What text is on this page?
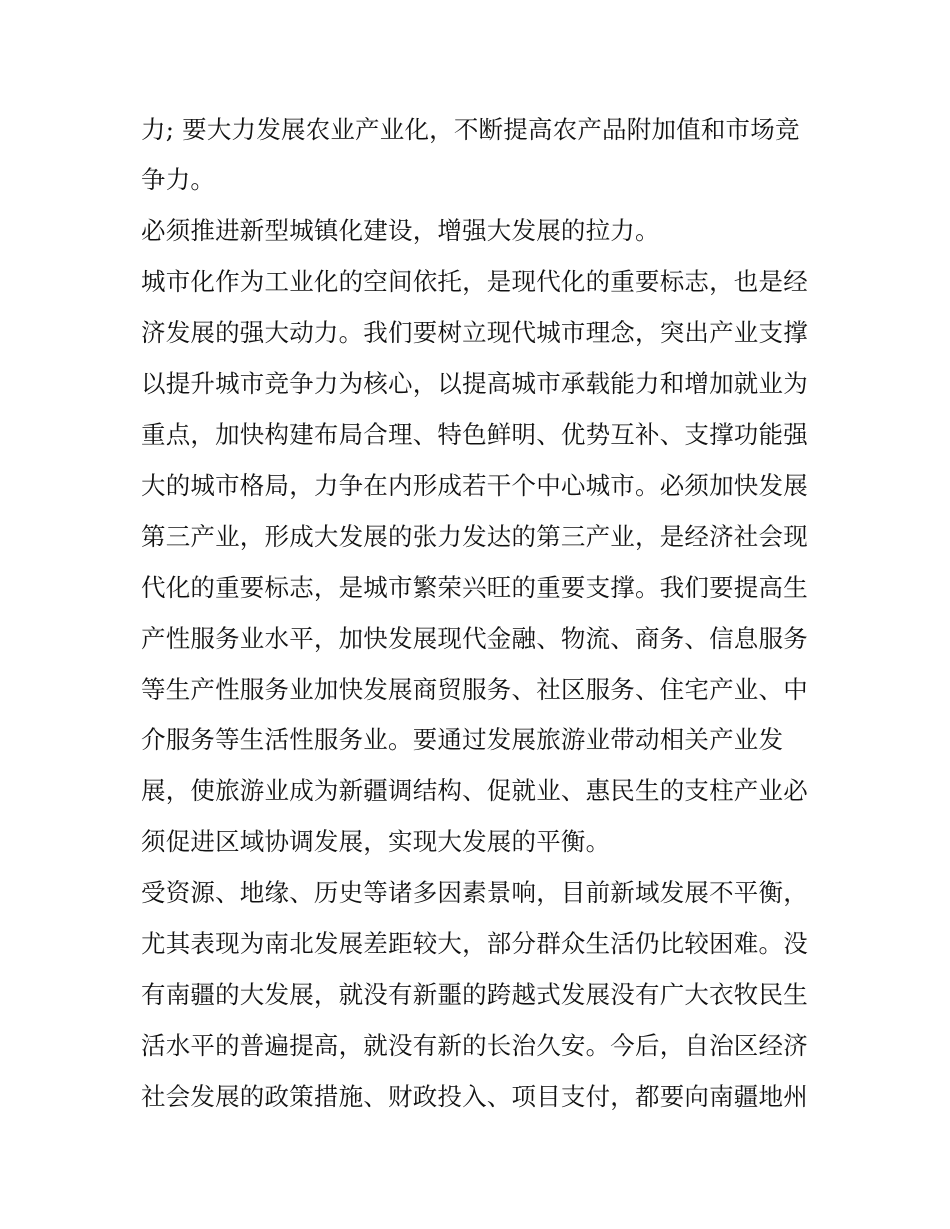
力; 要大力发展农业产业化，不断提高农产品附加值和市场竞
争力。
必须推进新型城镇化建设，增强大发展的拉力。
城市化作为工业化的空间依托，是现代化的重要标志，也是经
济发展的强大动力。我们要树立现代城市理念，突出产业支撑
以提升城市竞争力为核心，以提高城市承载能力和增加就业为
重点，加快构建布局合理、特色鲜明、优势互补、支撑功能强
大的城市格局，力争在内形成若干个中心城市。必须加快发展
第三产业，形成大发展的张力发达的第三产业，是经济社会现
代化的重要标志，是城市繁荣兴旺的重要支撑。我们要提高生
产性服务业水平，加快发展现代金融、物流、商务、信息服务
等生产性服务业加快发展商贸服务、社区服务、住宅产业、中
介服务等生活性服务业。要通过发展旅游业带动相关产业发
展，使旅游业成为新疆调结构、促就业、惠民生的支柱产业必
须促进区域协调发展，实现大发展的平衡。
受资源、地缘、历史等诸多因素景响，目前新域发展不平衡，
尤其表现为南北发展差距较大，部分群众生活仍比较困难。没
有南疆的大发展，就没有新噩的跨越式发展没有广大衣牧民生
活水平的普遍提高，就没有新的长治久安。今后，自治区经济
社会发展的政策措施、财政投入、项目支付，都要向南疆地州
